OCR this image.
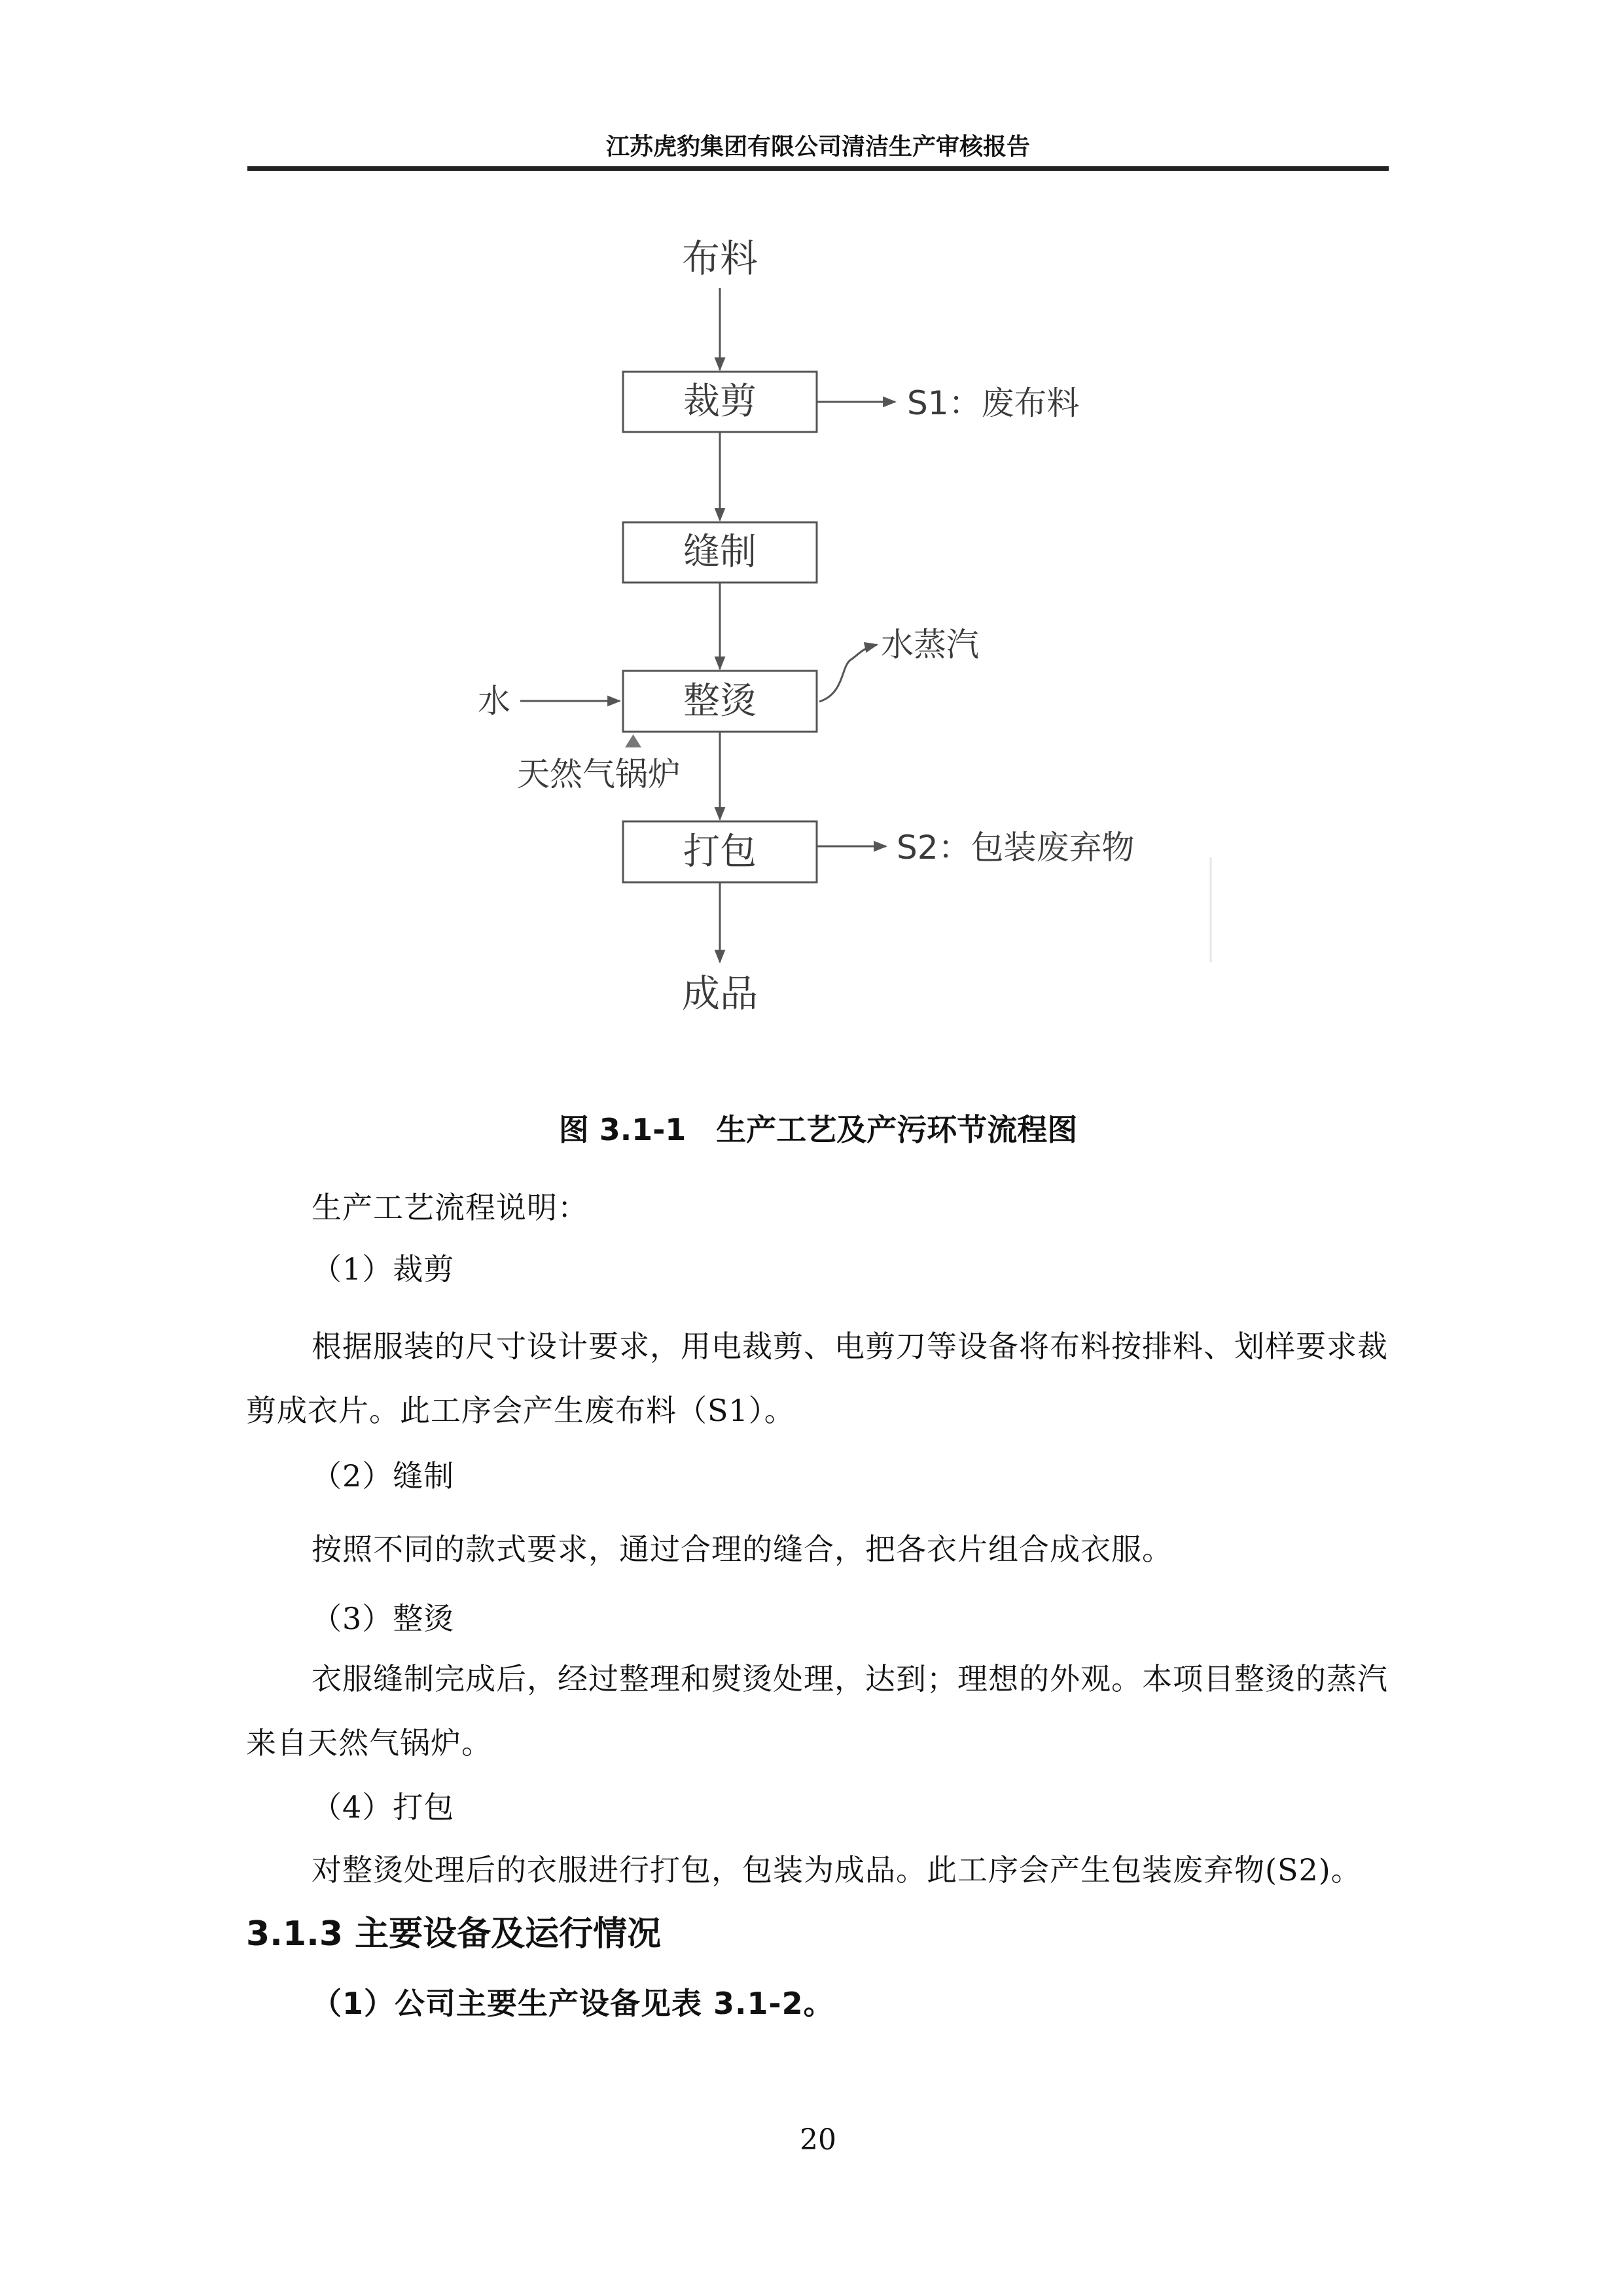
江苏虎豹集团有限公司清洁生产审核报告
布料
裁剪
缝制
整烫
打包
成品
S1：废布料
水蒸汽
水
天然气锅炉
S2：包装废弃物
图 3.1-1　生产工艺及产污环节流程图

生产工艺流程说明：

（1）裁剪

根据服装的尺寸设计要求，用电裁剪、电剪刀等设备将布料按排料、划样要求裁剪成衣片。此工序会产生废布料（S1）。

（2）缝制

按照不同的款式要求，通过合理的缝合，把各衣片组合成衣服。

（3）整烫

衣服缝制完成后，经过整理和熨烫处理，达到；理想的外观。本项目整烫的蒸汽来自天然气锅炉。

（4）打包

对整烫处理后的衣服进行打包，包装为成品。此工序会产生包装废弃物(S2)。

3.1.3 主要设备及运行情况

（1）公司主要生产设备见表 3.1-2。

20
